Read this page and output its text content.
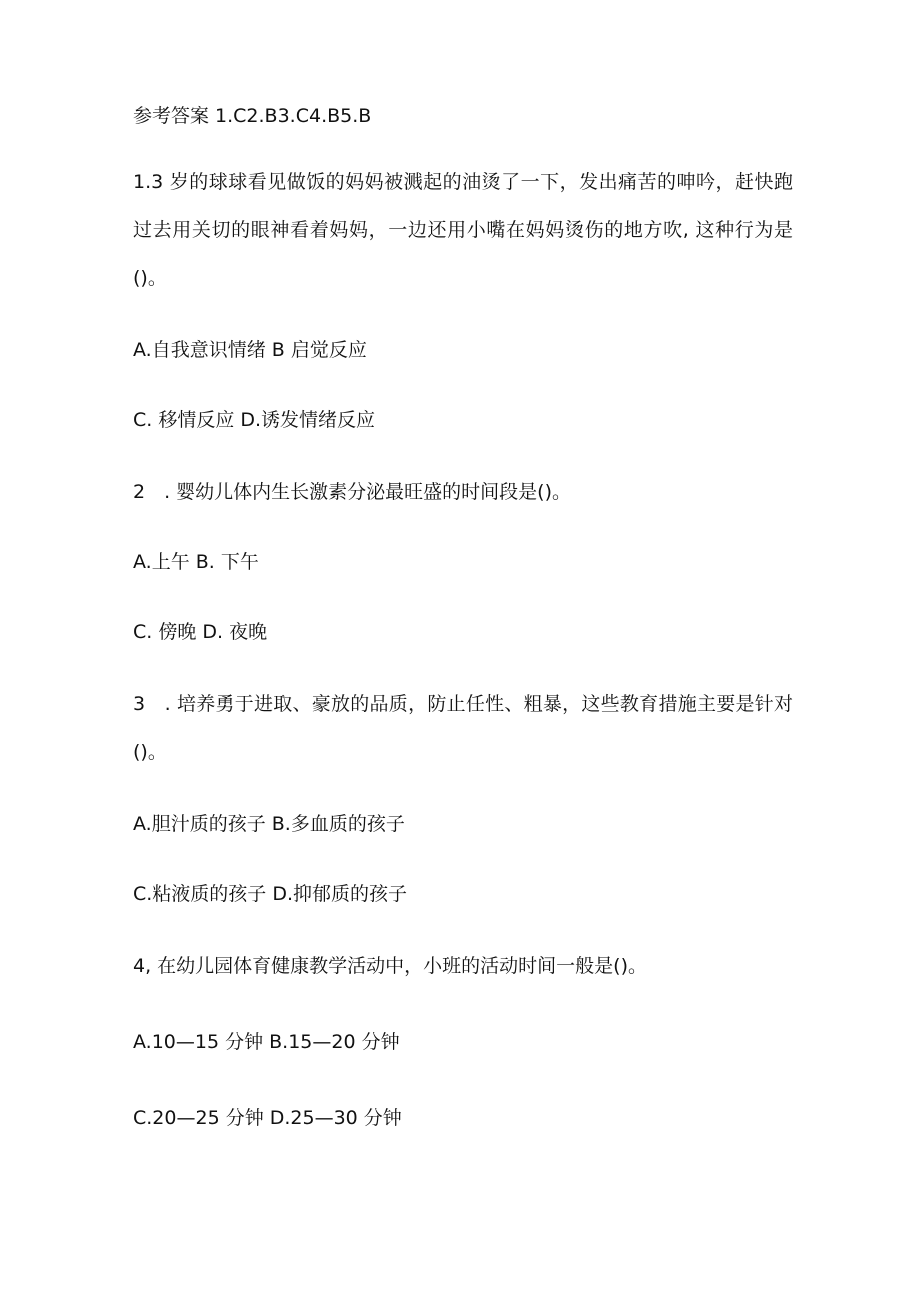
参考答案 1.C2.B3.C4.B5.B
1.3 岁的球球看见做饭的妈妈被溅起的油烫了一下，发出痛苦的呻吟，赶快跑过去用关切的眼神看着妈妈，一边还用小嘴在妈妈烫伤的地方吹, 这种行为是()。
A.自我意识情绪 B 启觉反应
C. 移情反应 D.诱发情绪反应
2　. 婴幼儿体内生长激素分泌最旺盛的时间段是()。
A.上午 B. 下午
C. 傍晚 D. 夜晚
3　. 培养勇于进取、豪放的品质，防止任性、粗暴，这些教育措施主要是针对()。
A.胆汁质的孩子 B.多血质的孩子
C.粘液质的孩子 D.抑郁质的孩子
4, 在幼儿园体育健康教学活动中，小班的活动时间一般是()。
A.10—15 分钟 B.15—20 分钟
C.20—25 分钟 D.25—30 分钟
